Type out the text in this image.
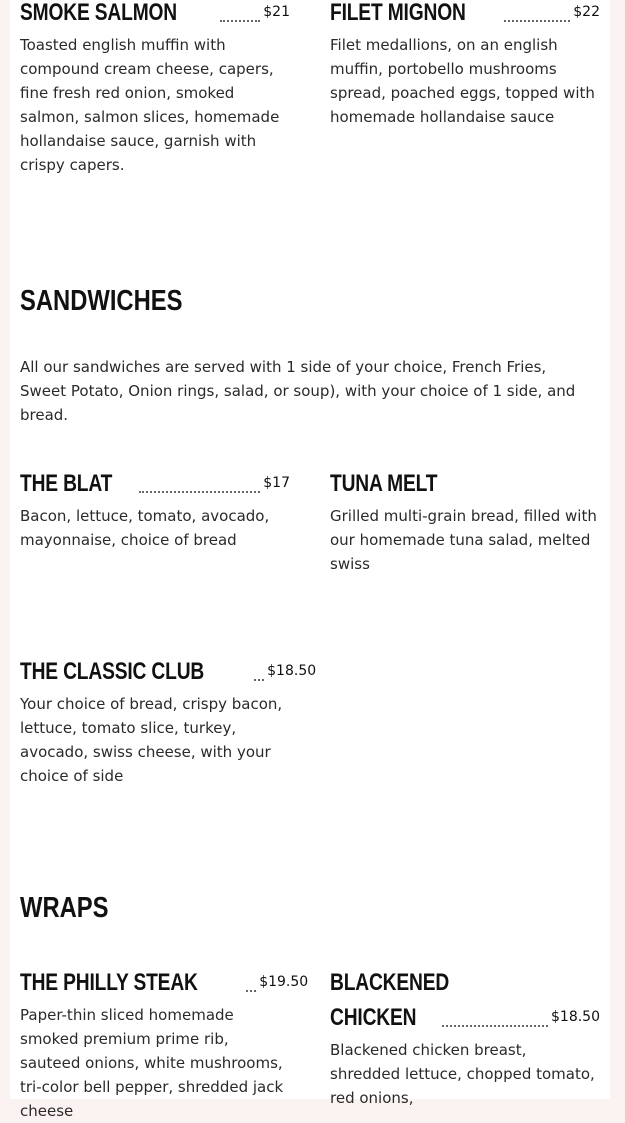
SMOKE SALMON	$21
Toasted english muffin with compound cream cheese, capers, fine fresh red onion, smoked salmon, salmon slices, homemade hollandaise sauce, garnish with crispy capers.
FILET MIGNON	$22
Filet medallions, on an english muffin, portobello mushrooms spread, poached eggs, topped with homemade hollandaise sauce
SANDWICHES
All our sandwiches are served with 1 side of your choice, French Fries, Sweet Potato, Onion rings, salad, or soup), with your choice of 1 side, and bread.
THE BLAT	$17
Bacon, lettuce, tomato, avocado, mayonnaise, choice of bread
TUNA MELT
Grilled multi-grain bread, filled with our homemade tuna salad, melted swiss
THE CLASSIC CLUB	$18.50
Your choice of bread, crispy bacon, lettuce, tomato slice, turkey, avocado, swiss cheese, with your choice of side
WRAPS
THE PHILLY STEAK	$19.50
Paper-thin sliced homemade smoked premium prime rib, sauteed onions, white mushrooms, tri-color bell pepper, shredded jack cheese
BLACKENED
CHICKEN	$18.50
Blackened chicken breast, shredded lettuce, chopped tomato, red onions,
